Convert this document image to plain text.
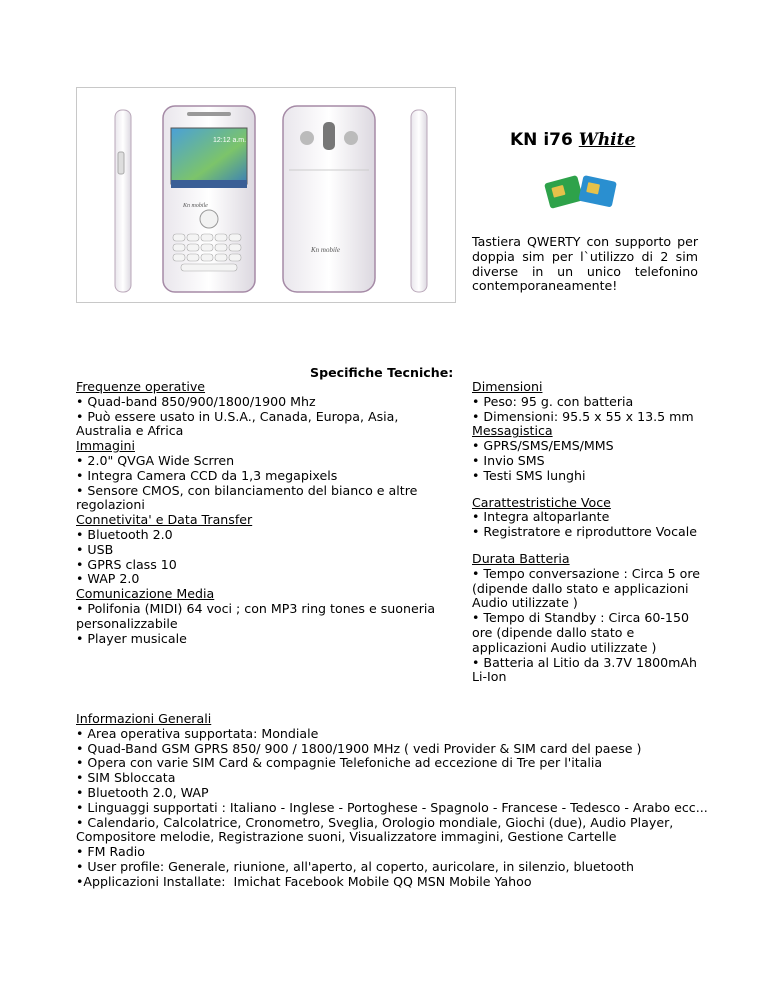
12:12 a.m.
Kn mobile
Kn mobile
KN i76 White
Tastiera QWERTY con supporto per doppia sim per l`utilizzo di 2 sim diverse in un unico telefonino contemporaneamente!
Specifiche Tecniche:
Frequenze operative
• Quad-band 850/900/1800/1900 Mhz
• Può essere usato in U.S.A., Canada, Europa, Asia, Australia e Africa
Immagini
• 2.0" QVGA Wide Scrren
• Integra Camera CCD da 1,3 megapixels
• Sensore CMOS, con bilanciamento del bianco e altre regolazioni
Connetivita' e Data Transfer
• Bluetooth 2.0
• USB
• GPRS class 10
• WAP 2.0
Comunicazione Media
• Polifonia (MIDI) 64 voci ; con MP3 ring tones e suoneria personalizzabile
• Player musicale
Dimensioni
• Peso: 95 g. con batteria
• Dimensioni: 95.5 x 55 x 13.5 mm
Messagistica
• GPRS/SMS/EMS/MMS
• Invio SMS
• Testi SMS lunghi
Carattestristiche Voce
• Integra altoparlante
• Registratore e riproduttore Vocale
Durata Batteria
• Tempo conversazione : Circa 5 ore (dipende dallo stato e applicazioni Audio utilizzate )
• Tempo di Standby : Circa 60-150 ore (dipende dallo stato e applicazioni Audio utilizzate )
• Batteria al Litio da 3.7V 1800mAh Li-Ion
Informazioni Generali
• Area operativa supportata: Mondiale
• Quad-Band GSM GPRS 850/ 900 / 1800/1900 MHz ( vedi Provider & SIM card del paese )
• Opera con varie SIM Card & compagnie Telefoniche ad eccezione di Tre per l'italia
• SIM Sbloccata
• Bluetooth 2.0, WAP
• Linguaggi supportati : Italiano - Inglese - Portoghese - Spagnolo - Francese - Tedesco - Arabo ecc...
• Calendario, Calcolatrice, Cronometro, Sveglia, Orologio mondiale, Giochi (due), Audio Player,    Compositore melodie, Registrazione suoni, Visualizzatore immagini, Gestione Cartelle
• FM Radio
• User profile: Generale, riunione, all'aperto, al coperto, auricolare, in silenzio, bluetooth
•Applicazioni Installate:  Imichat Facebook Mobile QQ MSN Mobile Yahoo
